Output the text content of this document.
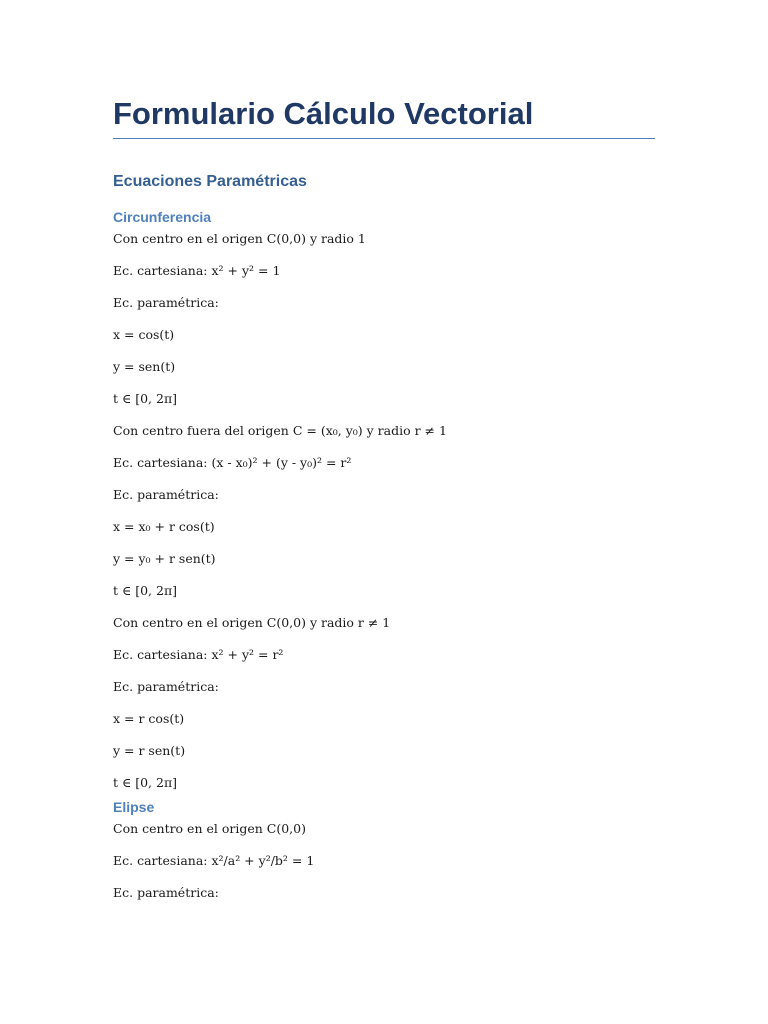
Formulario Cálculo Vectorial
Ecuaciones Paramétricas
Circunferencia
Con centro en el origen C(0,0) y radio 1
Ec. cartesiana: x² + y² = 1
Ec. paramétrica:
x = cos(t)
y = sen(t)
t ∈ [0, 2π]
Con centro fuera del origen C = (x₀, y₀) y radio r ≠ 1
Ec. cartesiana: (x - x₀)² + (y - y₀)² = r²
Ec. paramétrica:
x = x₀ + r cos(t)
y = y₀ + r sen(t)
t ∈ [0, 2π]
Con centro en el origen C(0,0) y radio r ≠ 1
Ec. cartesiana: x² + y² = r²
Ec. paramétrica:
x = r cos(t)
y = r sen(t)
t ∈ [0, 2π]
Elipse
Con centro en el origen C(0,0)
Ec. cartesiana: x²/a² + y²/b² = 1
Ec. paramétrica:
